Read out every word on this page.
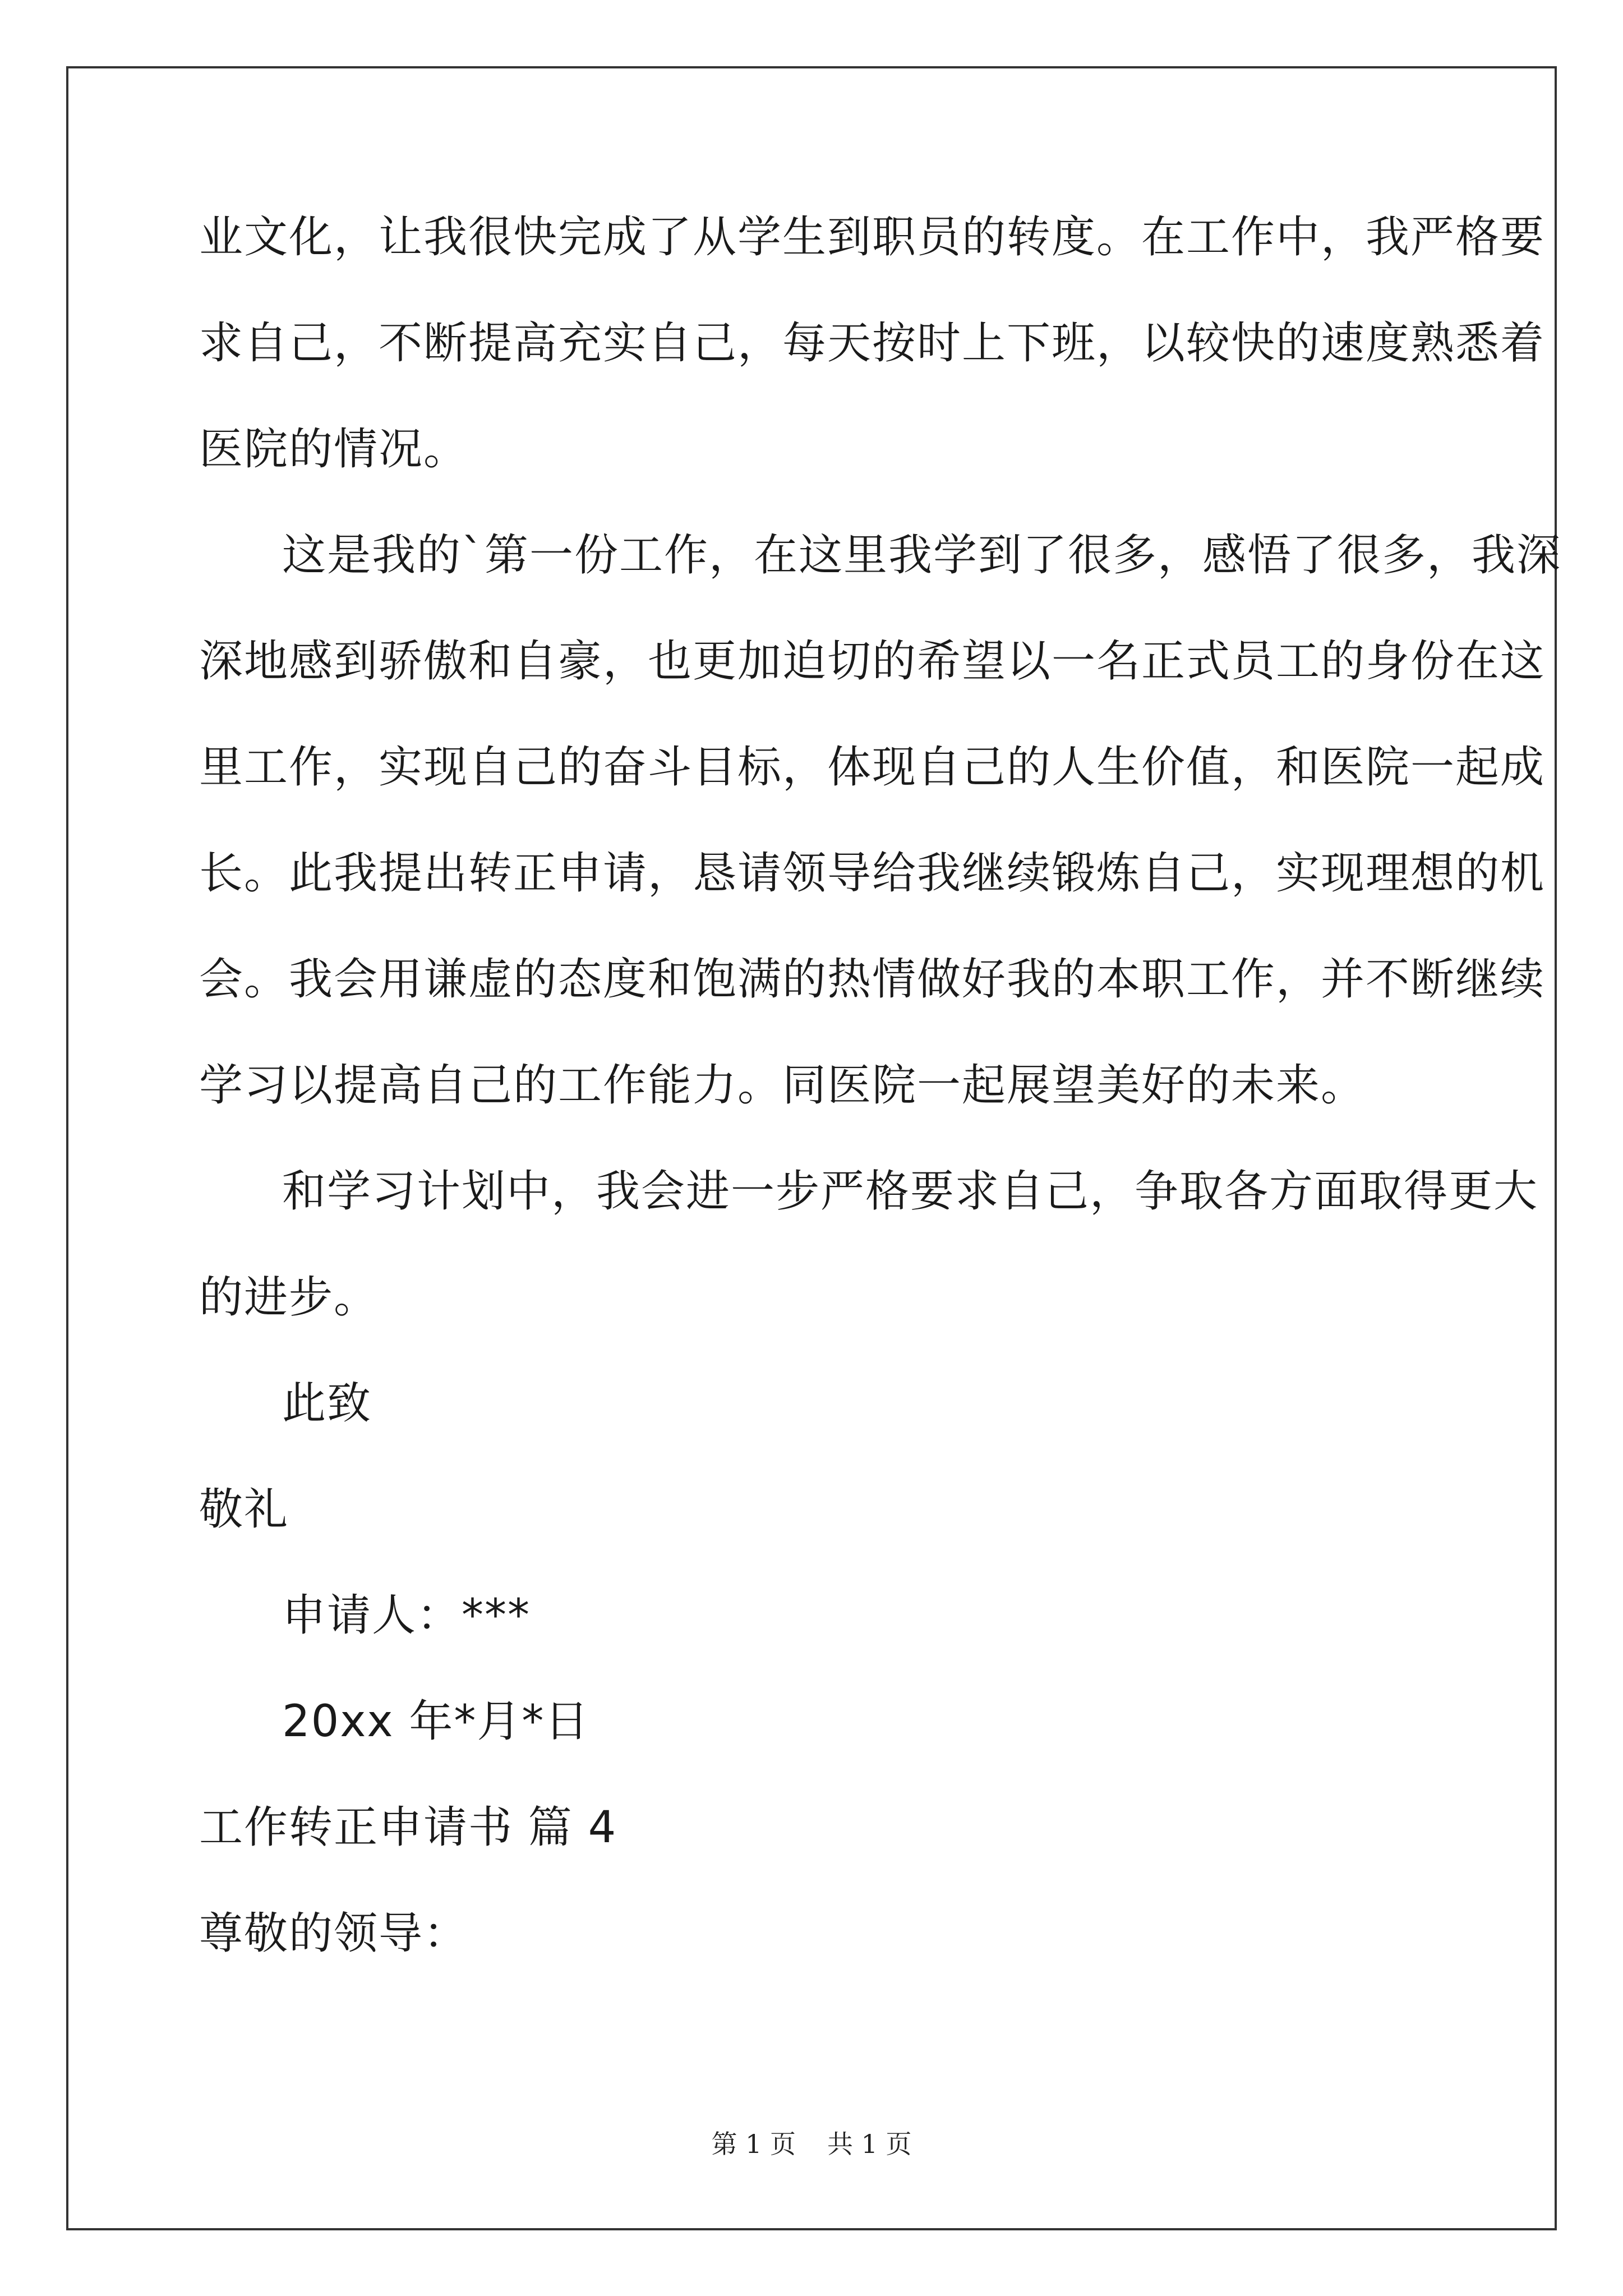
业文化，让我很快完成了从学生到职员的转度。在工作中，我严格要
求自己，不断提高充实自己，每天按时上下班，以较快的速度熟悉着
医院的情况。
这是我的`第一份工作，在这里我学到了很多，感悟了很多，我深
深地感到骄傲和自豪，也更加迫切的希望以一名正式员工的身份在这
里工作，实现自己的奋斗目标，体现自己的人生价值，和医院一起成
长。此我提出转正申请，恳请领导给我继续锻炼自己，实现理想的机
会。我会用谦虚的态度和饱满的热情做好我的本职工作，并不断继续
学习以提高自己的工作能力。同医院一起展望美好的未来。
和学习计划中，我会进一步严格要求自己，争取各方面取得更大
的进步。
此致
敬礼
申请人：***
20xx 年*月*日
工作转正申请书 篇 4
尊敬的领导：
第 1 页 共 1 页
